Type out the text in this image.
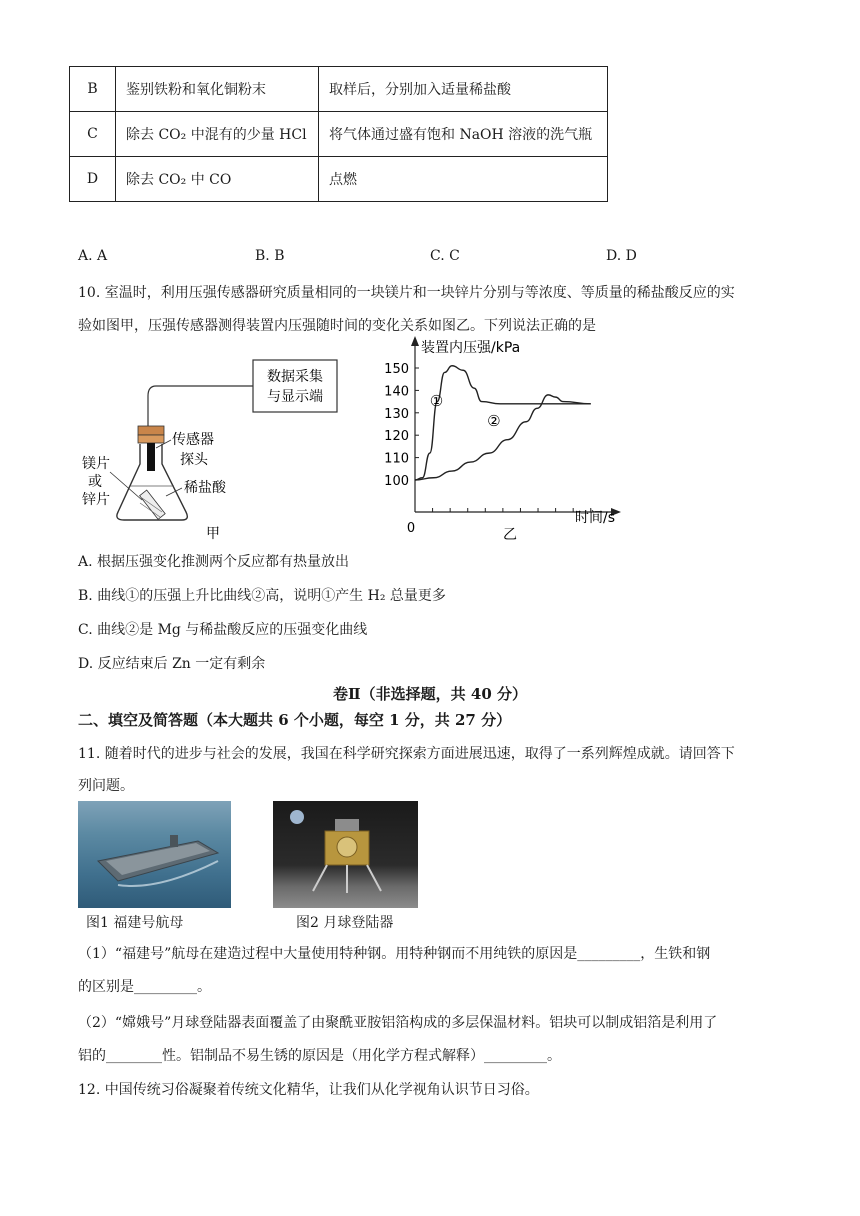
B	鉴别铁粉和氧化铜粉末	取样后，分别加入适量稀盐酸
C	除去 CO₂ 中混有的少量 HCl	将气体通过盛有饱和 NaOH 溶液的洗气瓶
D	除去 CO₂ 中 CO	点燃
A. A	B. B	C. C	D. D
10. 室温时，利用压强传感器研究质量相同的一块镁片和一块锌片分别与等浓度、等质量的稀盐酸反应的实
验如图甲，压强传感器测得装置内压强随时间的变化关系如图乙。下列说法正确的是
数据采集
与显示端
传感器
探头
镁片
或
锌片
稀盐酸
甲
装置内压强/kPa
时间/s
0
100
110
120
130
140
150
①
②
乙
A. 根据压强变化推测两个反应都有热量放出
B. 曲线①的压强上升比曲线②高，说明①产生 H₂ 总量更多
C. 曲线②是 Mg 与稀盐酸反应的压强变化曲线
D. 反应结束后 Zn 一定有剩余
卷Ⅱ（非选择题，共 40 分）
二、填空及简答题（本大题共 6 个小题，每空 1 分，共 27 分）
11. 随着时代的进步与社会的发展，我国在科学研究探索方面进展迅速，取得了一系列辉煌成就。请回答下
列问题。
图1 福建号航母	图2 月球登陆器
（1）“福建号”航母在建造过程中大量使用特种钢。用特种钢而不用纯铁的原因是_________，生铁和钢
的区别是_________。
（2）“嫦娥号”月球登陆器表面覆盖了由聚酰亚胺铝箔构成的多层保温材料。铝块可以制成铝箔是利用了
铝的________性。铝制品不易生锈的原因是（用化学方程式解释）_________。
12. 中国传统习俗凝聚着传统文化精华，让我们从化学视角认识节日习俗。
